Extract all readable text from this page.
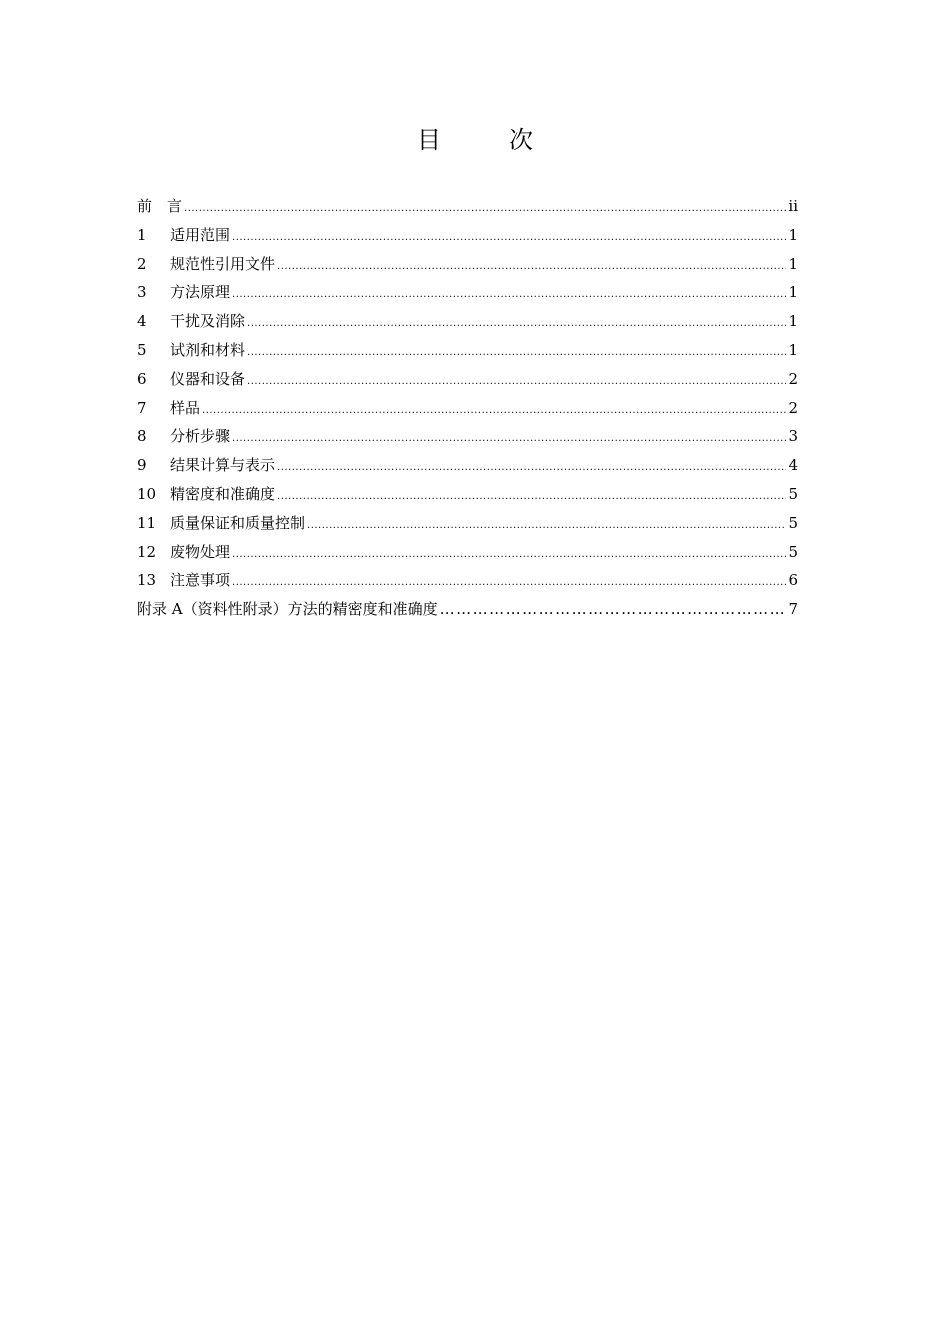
目　次
前　言 .....	ii
1	适用范围 .....	1
2	规范性引用文件 .....	1
3	方法原理 .....	1
4	干扰及消除 .....	1
5	试剂和材料 .....	1
6	仪器和设备 .....	2
7	样品 .....	2
8	分析步骤 .....	3
9	结果计算与表示 .....	4
10 精密度和准确度 .....	5
11 质量保证和质量控制 .....	5
12 废物处理 .....	5
13 注意事项 .....	6
附录 A（资料性附录）方法的精密度和准确度 …………………………………………………………………………………………………………………	7
